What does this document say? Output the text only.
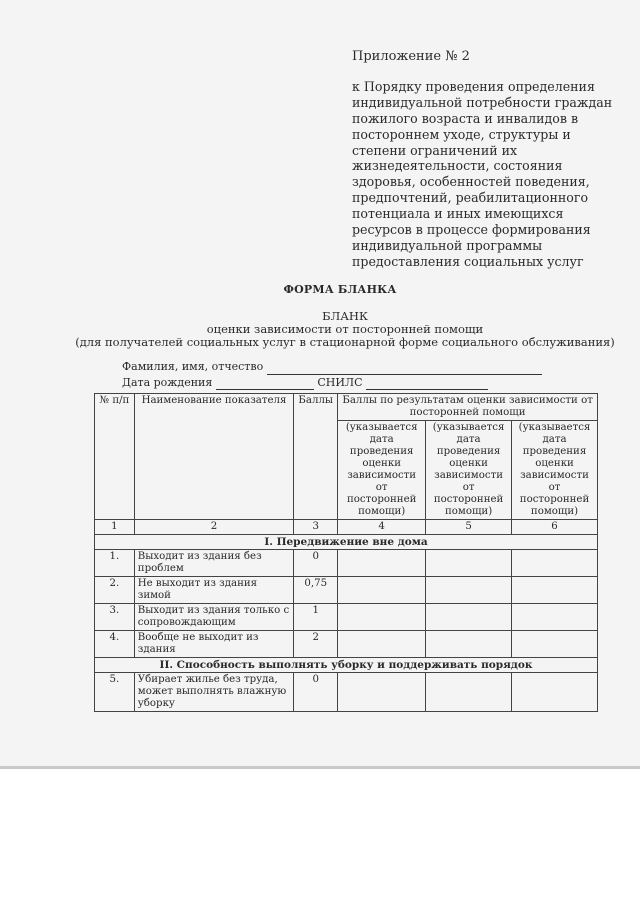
Приложение № 2

к Порядку проведения определения

индивидуальной потребности граждан

пожилого возраста и инвалидов в

постороннем уходе, структуры и

степени ограничений их

жизнедеятельности, состояния

здоровья, особенностей поведения,

предпочтений, реабилитационного

потенциала и иных имеющихся

ресурсов в процессе формирования

индивидуальной программы

предоставления социальных услуг

ФОРМА БЛАНКА
БЛАНК
оценки зависимости от посторонней помощи
(для получателей социальных услуг в стационарной форме социального обслуживания)
Фамилия, имя, отчество
Дата рождения	СНИЛС
№ п/п	Наименование показателя	Баллы	Баллы по результатам оценки зависимости от посторонней помощи		
			(указывается дата проведения оценки зависимости от посторонней помощи)	(указывается дата проведения оценки зависимости от посторонней помощи)	(указывается дата проведения оценки зависимости от посторонней помощи)
1	2	3	4	5	6
I. Передвижение вне дома					
1.	Выходит из здания без проблем	0			
2.	Не выходит из здания зимой	0,75			
3.	Выходит из здания только с сопровождающим	1			
4.	Вообще не выходит из здания	2			
II. Способность выполнять уборку и поддерживать порядок					
5.	Убирает жилье без труда, может выполнять влажную уборку	0			
